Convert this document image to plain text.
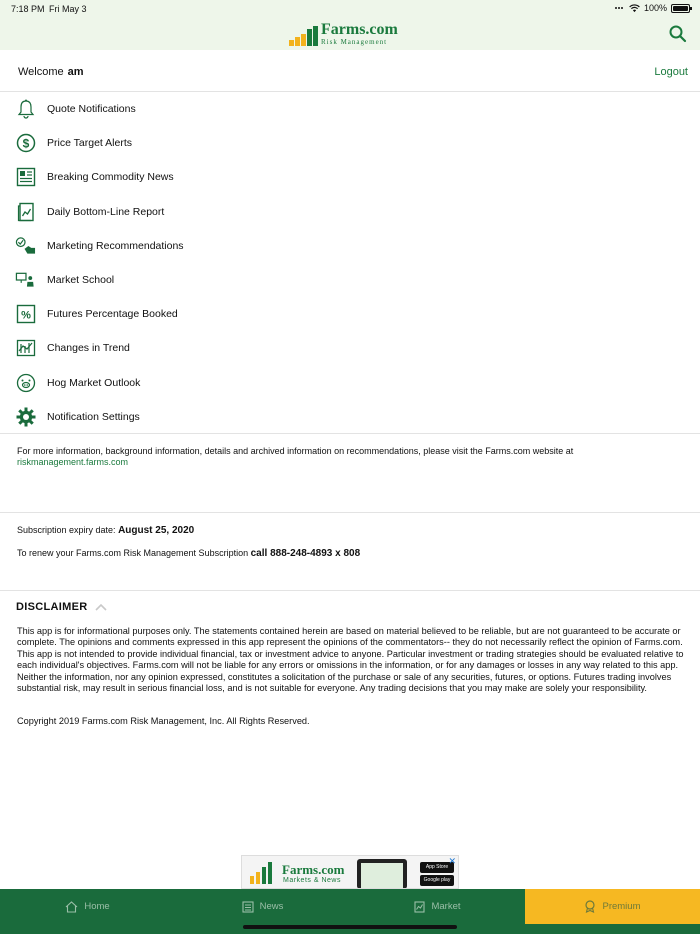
7:18 PM Fri May 3	100%
Farms.com
Risk Management
Welcome am	Logout
Quote Notifications
$ Price Target Alerts
Breaking Commodity News
Daily Bottom-Line Report
Marketing Recommendations
Market School
% Futures Percentage Booked
Changes in Trend
Hog Market Outlook
Notification Settings
For more information, background information, details and archived information on recommendations, please visit the Farms.com website at
riskmanagement.farms.com
Subscription expiry date: August 25, 2020
To renew your Farms.com Risk Management Subscription call 888-248-4893 x 808
DISCLAIMER

This app is for informational purposes only. The statements contained herein are based on material believed to be reliable, but are not guaranteed to be accurate or complete. The opinions and comments expressed in this app represent the opinions of the commentators-- they do not necessarily reflect the opinion of Farms.com. This app is not intended to provide individual financial, tax or investment advice to anyone. Particular investment or trading strategies should be evaluated relative to each individual's objectives. Farms.com will not be liable for any errors or omissions in the information, or for any damages or losses in any way related to this app. Neither the information, nor any opinion expressed, constitutes a solicitation of the purchase or sale of any securities, futures, or options. Futures trading involves substantial risk, may result in serious financial loss, and is not suitable for everyone. Any trading decisions that you may make are solely your responsibility.

Copyright 2019 Farms.com Risk Management, Inc. All Rights Reserved.

Farms.com
Markets & News
App Store
Google play
✕
Home	News	Market	Premium
